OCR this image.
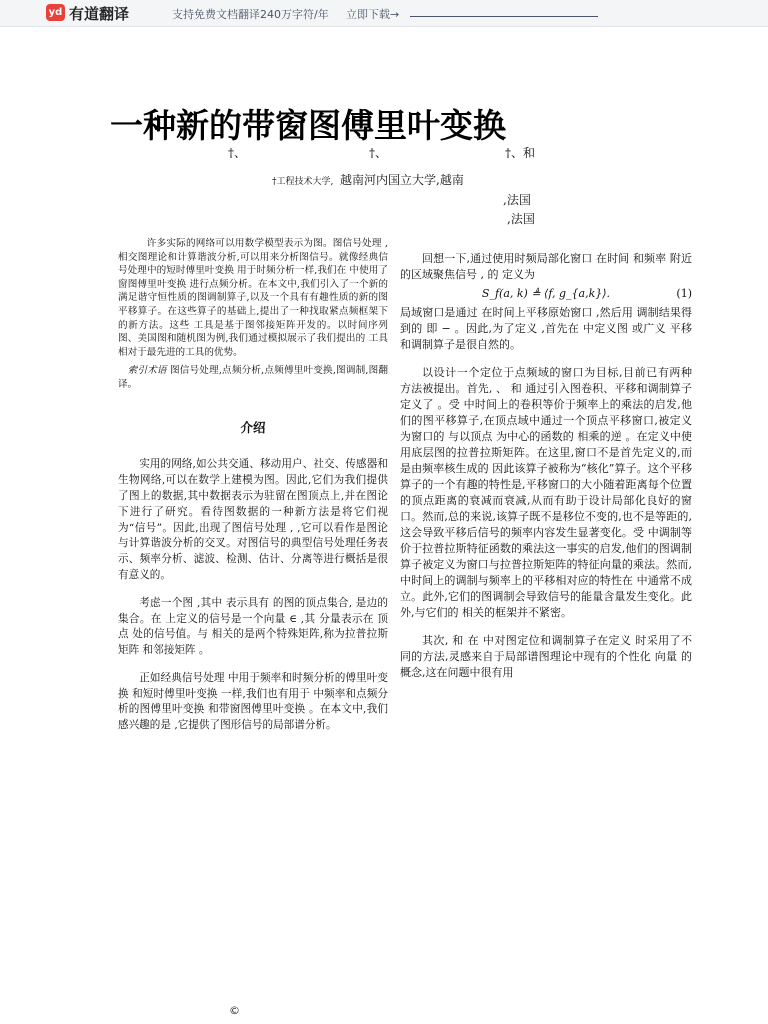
yd 有道翻译	支持免费文档翻译240万字符/年 立即下载→
一种新的带窗图傅里叶变换
†、	†、	†、和
†工程技术大学, 越南河内国立大学,越南
,法国
,法国

许多实际的网络可以用数学模型表示为图。图信号处理 ,相交图理论和计算谐波分析,可以用来分析图信号。就像经典信号处理中的短时傅里叶变换 用于时频分析一样,我们在 中使用了窗图傅里叶变换 进行点频分析。在本文中,我们引入了一个新的满足谐守恒性质的图调制算子,以及一个具有有趣性质的新的图平移算子。在这些算子的基础上,提出了一种找取紧点频框架下 的新方法。这些 工具是基于图邻接矩阵开发的。以时间序列图、美国图和随机图为例,我们通过模拟展示了我们提出的 工具相对于最先进的工具的优势。

索引术语 图信号处理,点频分析,点频傅里叶变换,图调制,图翻译。

介绍

实用的网络,如公共交通、移动用户、社交、传感器和生物网络,可以在数学上建模为图。因此,它们为我们提供了图上的数据,其中数据表示为驻留在图顶点上,并在图论 下进行了研究。看待图数据的一种新方法是将它们视为“信号”。因此,出现了图信号处理 , ,它可以看作是图论与计算谐波分析的交叉。对图信号的典型信号处理任务表示、频率分析、滤波、检测、估计、分离等进行概括是很有意义的。

考虑一个图 ,其中 表示具有 的图的顶点集合, 是边的集合。在 上定义的信号是一个向量 ∈ ,其 分量表示在 顶点 处的信号值。与 相关的是两个特殊矩阵,称为拉普拉斯矩阵 和邻接矩阵 。

正如经典信号处理 中用于频率和时频分析的傅里叶变换 和短时傅里叶变换 一样,我们也有用于 中频率和点频分析的图傅里叶变换 和带窗图傅里叶变换 。在本文中,我们感兴趣的是 ,它提供了图形信号的局部谱分析。

回想一下,通过使用时频局部化窗口 在时间 和频率 附近的区域聚焦信号 , 的 定义为

S_f(a, k) ≜ ⟨f, g_{a,k}⟩.	(1)

局域窗口是通过 在时间上平移原始窗口 ,然后用 调制结果得到的 即 − 。因此,为了定义 ,首先在 中定义图 或广义 平移和调制算子是很自然的。

以设计一个定位于点频域的窗口为目标,目前已有两种 方法被提出。首先, 、 和 通过引入图卷积、平移和调制算子定义了 。受 中时间上的卷积等价于频率上的乘法的启发,他们的图平移算子,在顶点域中通过一个顶点平移窗口,被定义为窗口的 与以顶点 为中心的函数的 相乘的逆 。在定义中使用底层图的拉普拉斯矩阵。在这里,窗口不是首先定义的,而是由频率核生成的 因此该算子被称为“核化”算子。这个平移算子的一个有趣的特性是,平移窗口的大小随着距离每个位置的顶点距离的衰减而衰减,从而有助于设计局部化良好的窗口。然而,总的来说,该算子既不是移位不变的,也不是等距的,这会导致平移后信号的频率内容发生显著变化。受 中调制等价于拉普拉斯特征函数的乘法这一事实的启发,他们的图调制算子被定义为窗口与拉普拉斯矩阵的特征向量的乘法。然而, 中时间上的调制与频率上的平移相对应的特性在 中通常不成立。此外,它们的图调制会导致信号的能量含量发生变化。此外,与它们的 相关的框架并不紧密。

其次, 和 在 中对图定位和调制算子在定义 时采用了不同的方法,灵感来自于局部谱图理论中现有的个性化 向量 的概念,这在问题中很有用

©
